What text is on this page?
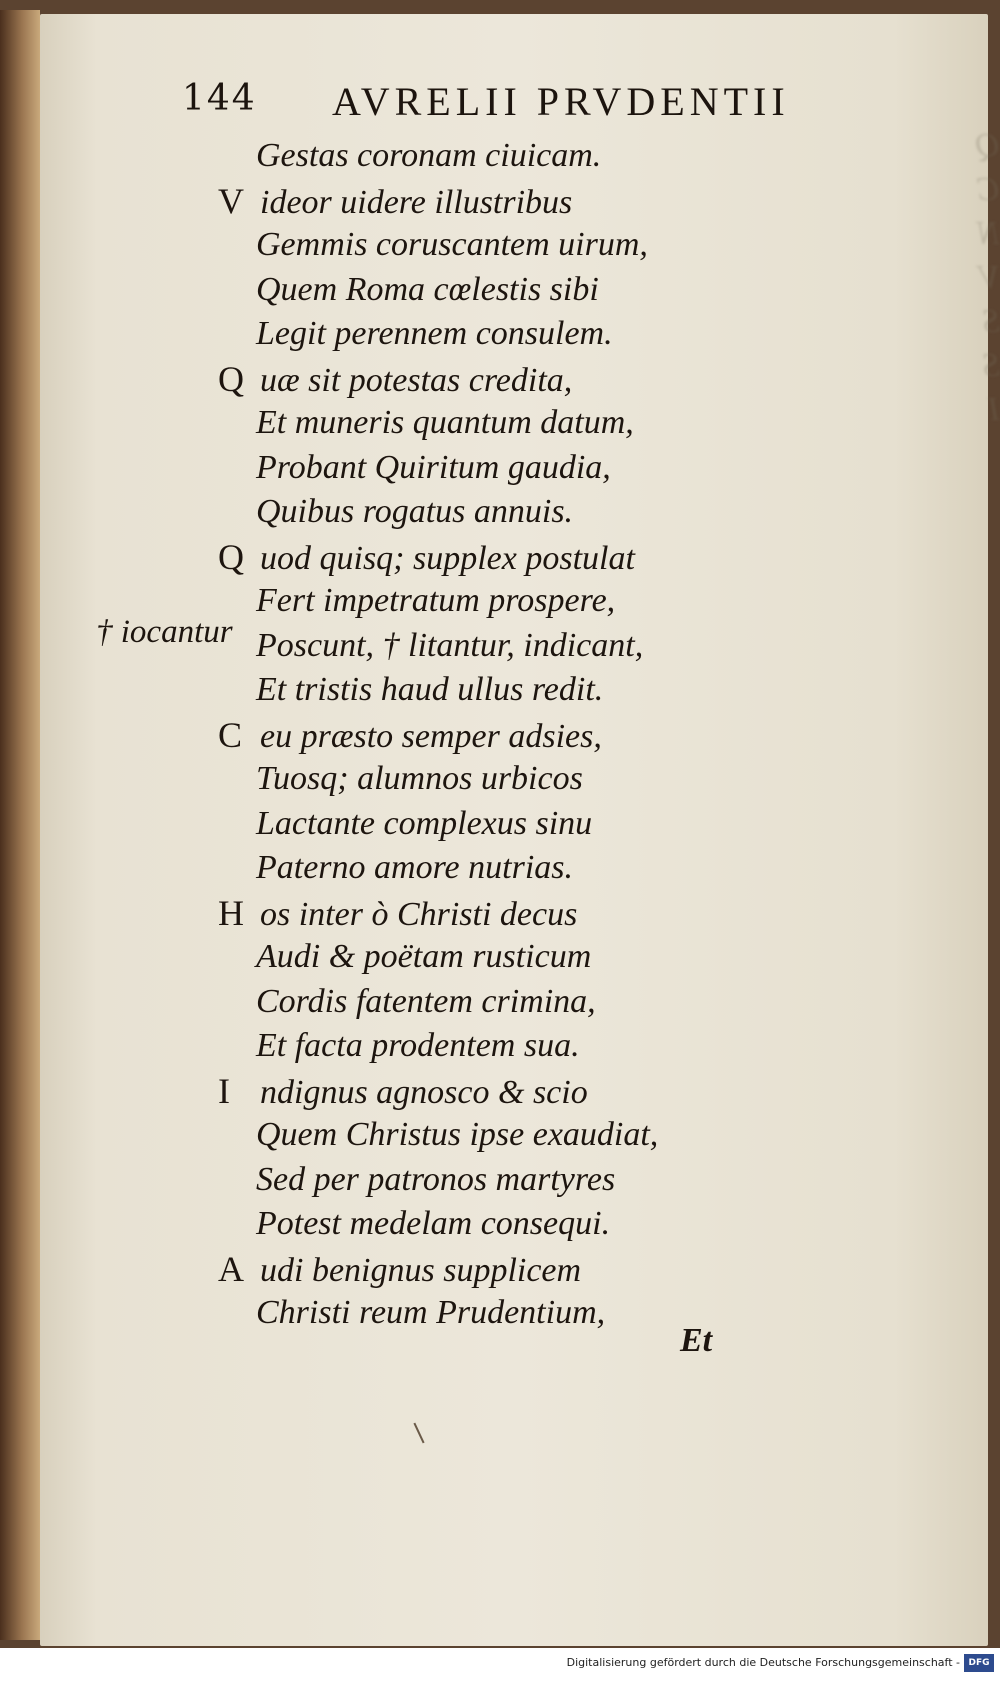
Q
C
N
V
S
S
I
144 AVRELII PRVDENTII
† iocantur
Gestas coronam ciuicam.
V ideor uidere illustribus
Gemmis coruscantem uirum,
Quem Roma cœlestis sibi
Legit perennem consulem.
Q uæ sit potestas credita,
Et muneris quantum datum,
Probant Quiritum gaudia,
Quibus rogatus annuis.
Q uod quisq; supplex postulat
Fert impetratum prospere,
Poscunt, † litantur, indicant,
Et tristis haud ullus redit.
C eu præsto semper adsies,
Tuosq; alumnos urbicos
Lactante complexus sinu
Paterno amore nutrias.
H os inter ò Christi decus
Audi & poëtam rusticum
Cordis fatentem crimina,
Et facta prodentem sua.
I ndignus agnosco & scio
Quem Christus ipse exaudiat,
Sed per patronos martyres
Potest medelam consequi.
A udi benignus supplicem
Christi reum Prudentium,
Et
Digitalisierung gefördert durch die Deutsche Forschungsgemeinschaft - DFG
